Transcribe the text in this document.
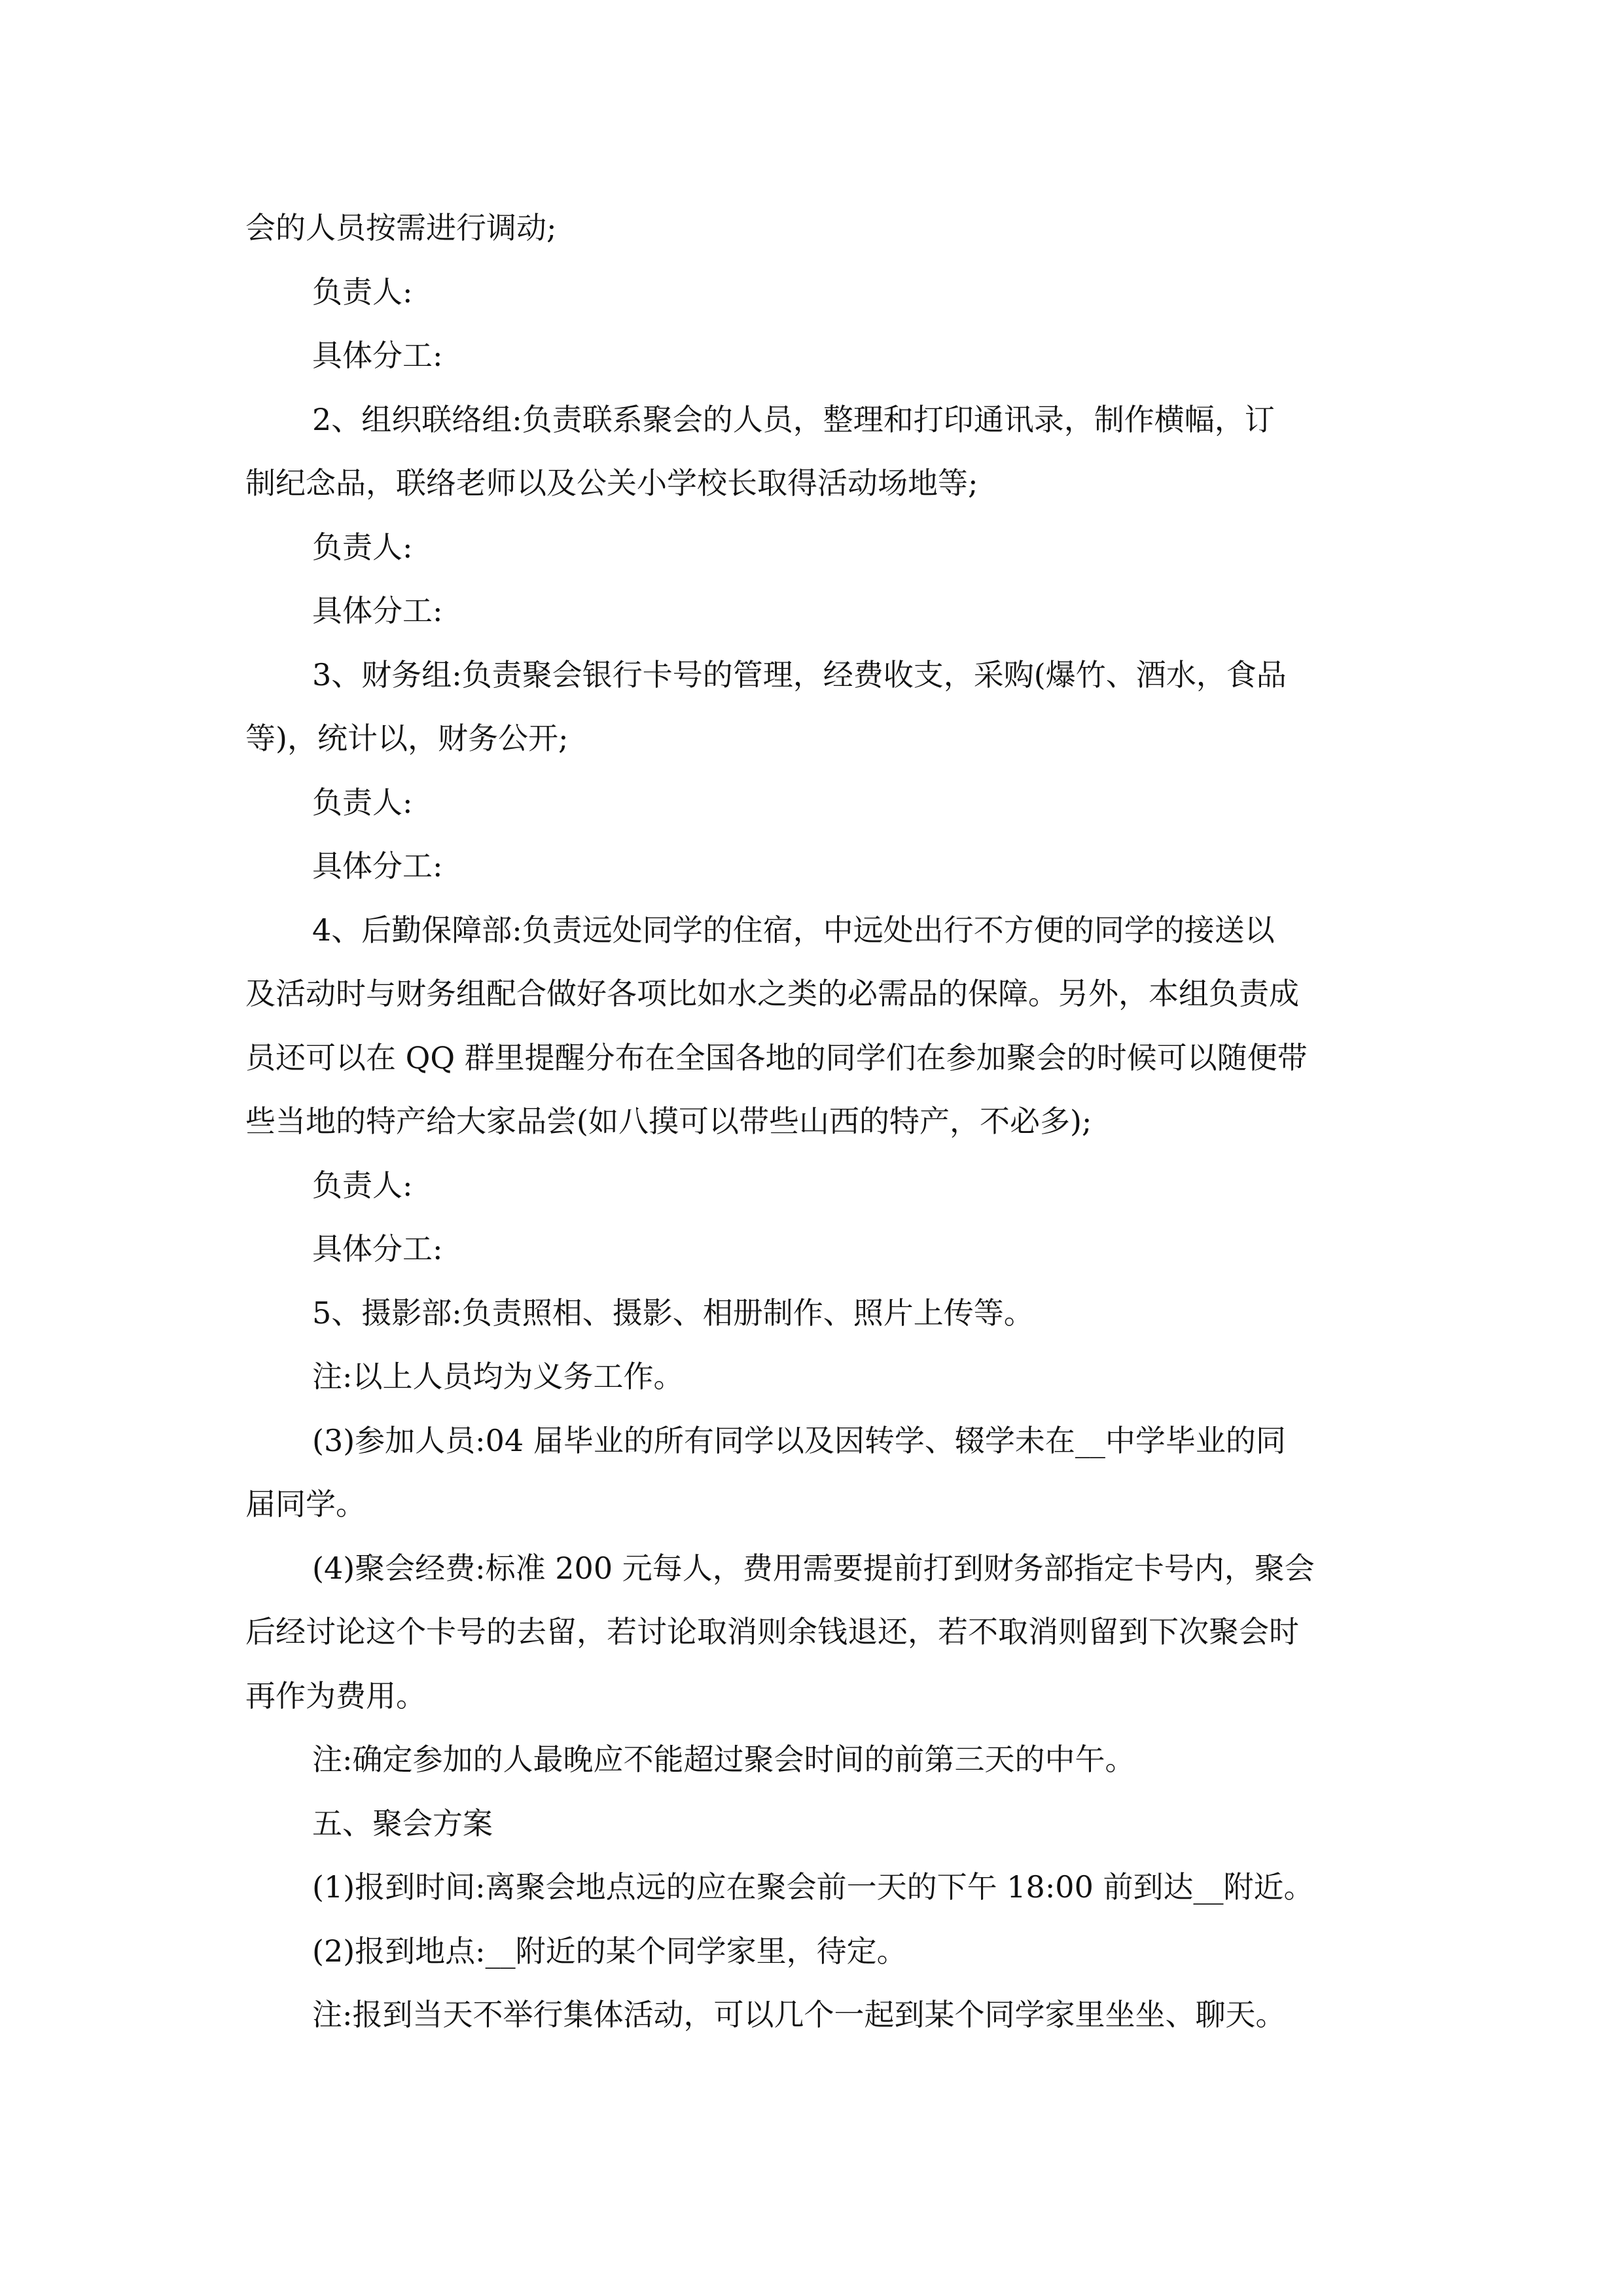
会的人员按需进行调动;

负责人:

具体分工:

2、组织联络组:负责联系聚会的人员，整理和打印通讯录，制作横幅，订

制纪念品，联络老师以及公关小学校长取得活动场地等;

负责人:

具体分工:

3、财务组:负责聚会银行卡号的管理，经费收支，采购(爆竹、酒水，食品

等)，统计以，财务公开;

负责人:

具体分工:

4、后勤保障部:负责远处同学的住宿，中远处出行不方便的同学的接送以

及活动时与财务组配合做好各项比如水之类的必需品的保障。另外，本组负责成

员还可以在 QQ 群里提醒分布在全国各地的同学们在参加聚会的时候可以随便带

些当地的特产给大家品尝(如八摸可以带些山西的特产，不必多);

负责人:

具体分工:

5、摄影部:负责照相、摄影、相册制作、照片上传等。

注:以上人员均为义务工作。

(3)参加人员:04 届毕业的所有同学以及因转学、辍学未在__中学毕业的同

届同学。

(4)聚会经费:标准 200 元每人，费用需要提前打到财务部指定卡号内，聚会

后经讨论这个卡号的去留，若讨论取消则余钱退还，若不取消则留到下次聚会时

再作为费用。

注:确定参加的人最晚应不能超过聚会时间的前第三天的中午。

五、聚会方案

(1)报到时间:离聚会地点远的应在聚会前一天的下午 18:00 前到达__附近。

(2)报到地点:__附近的某个同学家里，待定。

注:报到当天不举行集体活动，可以几个一起到某个同学家里坐坐、聊天。
